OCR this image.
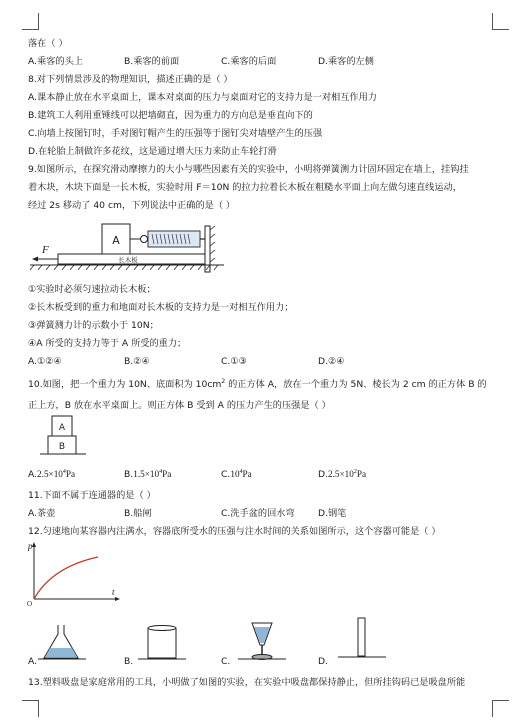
落在（ ）
A.乘客的头上	B.乘客的前面	C.乘客的后面	D.乘客的左侧
8.对下列情景涉及的物理知识，描述正确的是（ ）
A.课本静止放在水平桌面上，课本对桌面的压力与桌面对它的支持力是一对相互作用力
B.建筑工人利用重锤线可以把墙砌直，因为重力的方向总是垂直向下的
C.向墙上按图钉时，手对图钉帽产生的压强等于图钉尖对墙壁产生的压强
D.在轮胎上制做许多花纹，这是通过增大压力来防止车轮打滑
9.如图所示，在探究滑动摩擦力的大小与哪些因素有关的实验中，小明将弹簧测力计固环固定在墙上，挂钩挂
着木块，木块下面是一长木板，实验时用 F＝10N 的拉力拉着长木板在粗糙水平面上向左做匀速直线运动，
经过 2s 移动了 40 cm，下列说法中正确的是（ ）
A
长木板
F
①实验时必须匀速拉动长木板；
②长木板受到的重力和地面对长木板的支持力是一对相互作用力；
③弹簧测力计的示数小于 10N；
④A 所受的支持力等于 A 所受的重力；
A.①②④	B.②④	C.①③	D.②④
10.如图，把一个重力为 10N、底面积为 $10cm^2$ 的正方体 A，放在一个重力为 5N、棱长为 2 cm 的正方体 B 的
正上方，B 放在水平桌面上。则正方体 B 受到 A 的压力产生的压强是（ ）
A
B
$A.2.5\times 10^4Pa$	$B.1.5\times 10^4Pa$	$C.10^4Pa$	$D.2.5\times 10^2Pa$
11.下面不属于连通器的是（ ）
A.茶壶	B.船闸	C.洗手盆的回水弯	D.钢笔
12.匀速地向某容器内注满水，容器底所受水的压强与注水时间的关系如图所示，这个容器可能是（ ）
p
t
O
A.	B.	C.	D.
13.塑料吸盘是家庭常用的工具，小明做了如图的实验，在实验中吸盘都保持静止，但所挂钩码已是吸盘所能
